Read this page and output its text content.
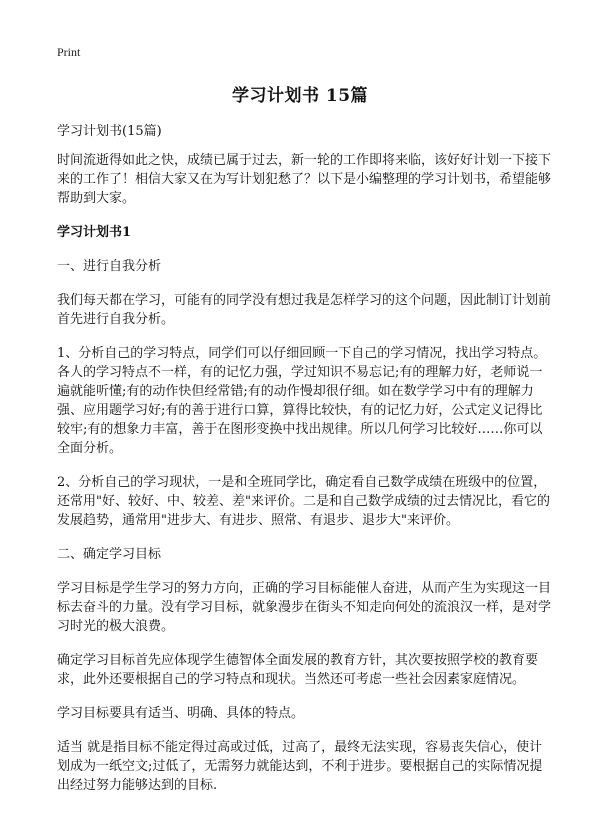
Print
学习计划书 15篇

学习计划书(15篇)

时间流逝得如此之快，成绩已属于过去，新一轮的工作即将来临，该好好计划一下接下来的工作了！相信大家又在为写计划犯愁了？以下是小编整理的学习计划书，希望能够帮助到大家。

学习计划书1

一、进行自我分析

我们每天都在学习，可能有的同学没有想过我是怎样学习的这个问题，因此制订计划前首先进行自我分析。

1、分析自己的学习特点，同学们可以仔细回顾一下自己的学习情况，找出学习特点。各人的学习特点不一样，有的记忆力强，学过知识不易忘记;有的理解力好，老师说一遍就能听懂;有的动作快但经常错;有的动作慢却很仔细。如在数学学习中有的理解力强、应用题学习好;有的善于进行口算，算得比较快，有的记忆力好，公式定义记得比较牢;有的想象力丰富，善于在图形变换中找出规律。所以几何学习比较好……你可以全面分析。

2、分析自己的学习现状，一是和全班同学比，确定看自己数学成绩在班级中的位置，还常用"好、较好、中、较差、差"来评价。二是和自己数学成绩的过去情况比，看它的发展趋势，通常用"进步大、有进步、照常、有退步、退步大"来评价。

二、确定学习目标

学习目标是学生学习的努力方向，正确的学习目标能催人奋进，从而产生为实现这一目标去奋斗的力量。没有学习目标，就象漫步在街头不知走向何处的流浪汉一样，是对学习时光的极大浪费。

确定学习目标首先应体现学生德智体全面发展的教育方针，其次要按照学校的教育要求，此外还要根据自己的学习特点和现状。当然还可考虑一些社会因素家庭情况。

学习目标要具有适当、明确、具体的特点。

适当 就是指目标不能定得过高或过低，过高了，最终无法实现，容易丧失信心，使计划成为一纸空文;过低了，无需努力就能达到，不利于进步。要根据自己的实际情况提出经过努力能够达到的目标.
